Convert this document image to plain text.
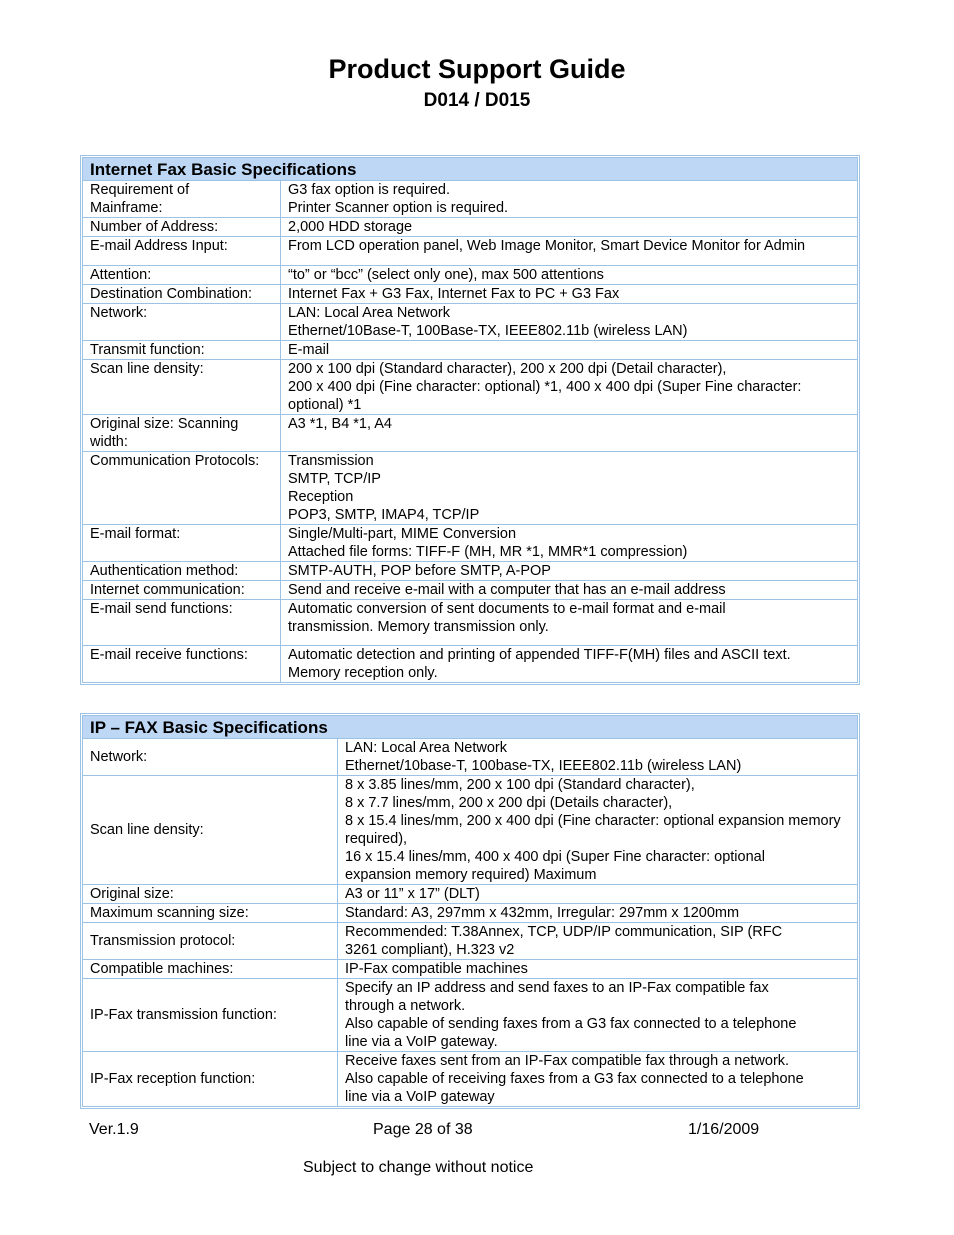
Product Support Guide
D014 / D015
Internet Fax Basic Specifications	

Requirement of
Mainframe:	G3 fax option is required.
Printer Scanner option is required.

Number of Address:	2,000 HDD storage

E-mail Address Input:	From LCD operation panel, Web Image Monitor, Smart Device Monitor for Admin

Attention:	“to” or “bcc” (select only one), max 500 attentions

Destination Combination:	Internet Fax + G3 Fax, Internet Fax to PC + G3 Fax

Network:	LAN: Local Area Network
Ethernet/10Base-T, 100Base-TX, IEEE802.11b (wireless LAN)

Transmit function:	E-mail

Scan line density:	200 x 100 dpi (Standard character), 200 x 200 dpi (Detail character),
200 x 400 dpi (Fine character: optional) *1, 400 x 400 dpi (Super Fine character:
optional) *1

Original size: Scanning
width:	A3 *1, B4 *1, A4

Communication Protocols:	Transmission
SMTP, TCP/IP
Reception
POP3, SMTP, IMAP4, TCP/IP

E-mail format:	Single/Multi-part, MIME Conversion
Attached file forms: TIFF-F (MH, MR *1, MMR*1 compression)

Authentication method:	SMTP-AUTH, POP before SMTP, A-POP

Internet communication:	Send and receive e-mail with a computer that has an e-mail address

E-mail send functions:	Automatic conversion of sent documents to e-mail format and e-mail
transmission. Memory transmission only.

E-mail receive functions:	Automatic detection and printing of appended TIFF-F(MH) files and ASCII text.
Memory reception only.
IP – FAX Basic Specifications	

Network:	LAN: Local Area Network
Ethernet/10base-T, 100base-TX, IEEE802.11b (wireless LAN)

Scan line density:	8 x 3.85 lines/mm, 200 x 100 dpi (Standard character),
8 x 7.7 lines/mm, 200 x 200 dpi (Details character),
8 x 15.4 lines/mm, 200 x 400 dpi (Fine character: optional expansion memory required),
16 x 15.4 lines/mm, 400 x 400 dpi (Super Fine character: optional
expansion memory required) Maximum

Original size:	A3 or 11” x 17” (DLT)

Maximum scanning size:	Standard: A3, 297mm x 432mm, Irregular: 297mm x 1200mm

Transmission protocol:	Recommended: T.38Annex, TCP, UDP/IP communication, SIP (RFC
3261 compliant), H.323 v2

Compatible machines:	IP-Fax compatible machines

IP-Fax transmission function:	Specify an IP address and send faxes to an IP-Fax compatible fax
through a network.
Also capable of sending faxes from a G3 fax connected to a telephone
line via a VoIP gateway.

IP-Fax reception function:	Receive faxes sent from an IP-Fax compatible fax through a network.
Also capable of receiving faxes from a G3 fax connected to a telephone
line via a VoIP gateway
Ver.1.9	Page 28 of 38	1/16/2009
Subject to change without notice
